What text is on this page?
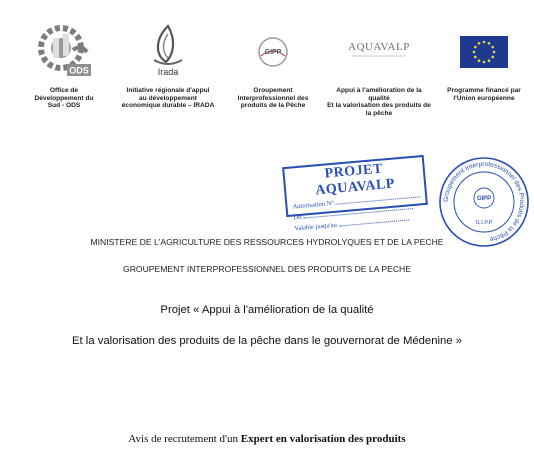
ODS
Office de
Développement du
Sud - ODS
Irada
Initiative régionale d'appui
au développement
économique durable – IRADA
GIPP
Groupement
Interprofessionnel des
produits de la Pêche
AQUAVALP
Appui à l'amélioration de la
qualité
Et la valorisation des produits de
la pêche
Programme financé par
l'Union européenne
PROJET AQUAVALP
Autorisation N°
Du
Valable jusqu'au
Groupement Interprofessionnel des Produits de la Pêche
GIPP
G.I.P.P
MINISTERE DE L'AGRICULTURE DES RESSOURCES HYDROLYQUES ET DE LA PECHE
GROUPEMENT INTERPROFESSIONNEL DES PRODUITS DE LA PECHE
Projet « Appui à l'amélioration de la qualité
Et la valorisation des produits de la pêche dans le gouvernorat de Médenine »
Avis de recrutement d'un Expert en valorisation des produits
